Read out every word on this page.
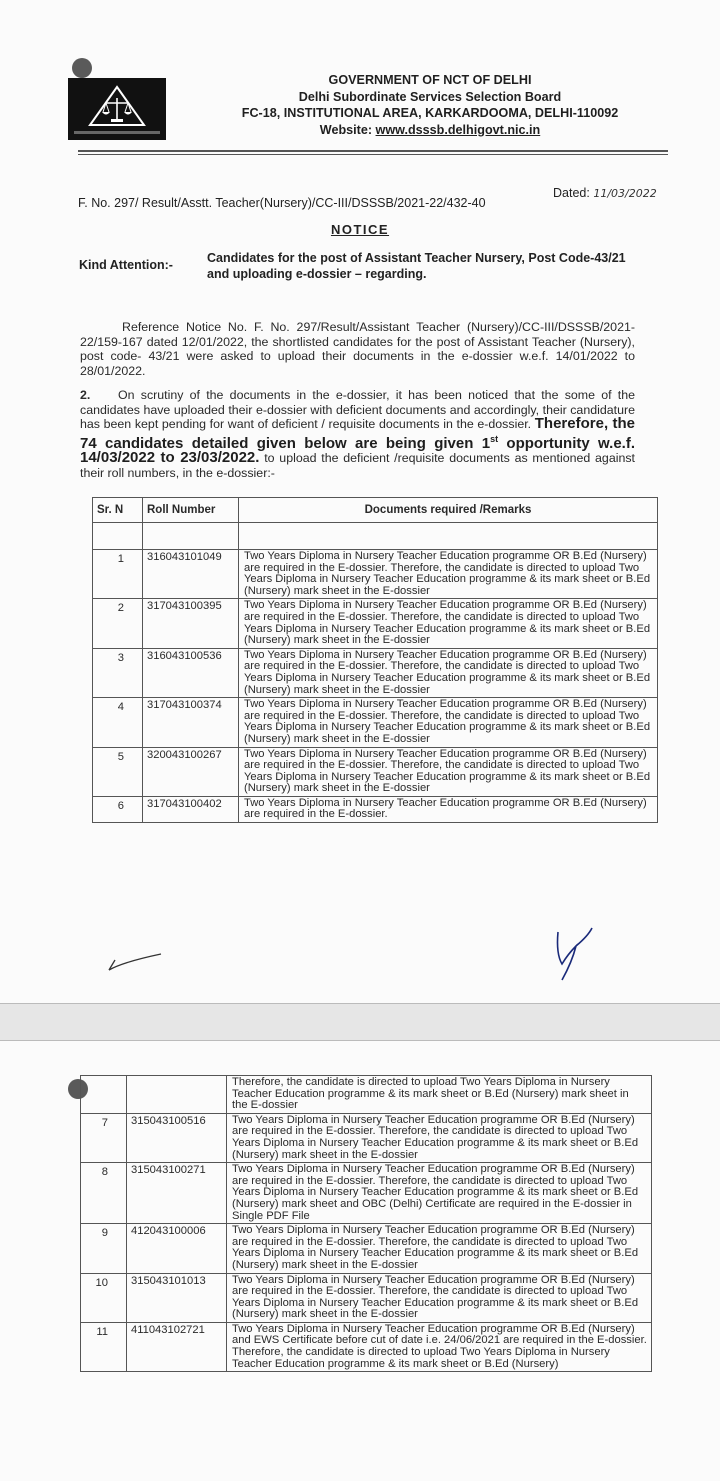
GOVERNMENT OF NCT OF DELHI
Delhi Subordinate Services Selection Board
FC-18, INSTITUTIONAL AREA, KARKARDOOMA, DELHI-110092
Website: www.dsssb.delhigovt.nic.in
F. No. 297/ Result/Asstt. Teacher(Nursery)/CC-III/DSSSB/2021-22/432-40
Dated: 11/03/2022
NOTICE
Kind Attention:-	Candidates for the post of Assistant Teacher Nursery, Post Code-43/21 and uploading e-dossier – regarding.
Reference Notice No. F. No. 297/Result/Assistant Teacher (Nursery)/CC-III/DSSSB/2021-22/159-167 dated 12/01/2022, the shortlisted candidates for the post of Assistant Teacher (Nursery), post code- 43/21 were asked to upload their documents in the e-dossier w.e.f. 14/01/2022 to 28/01/2022.
2. On scrutiny of the documents in the e-dossier, it has been noticed that the some of the candidates have uploaded their e-dossier with deficient documents and accordingly, their candidature has been kept pending for want of deficient / requisite documents in the e-dossier. Therefore, the 74 candidates detailed given below are being given 1st opportunity w.e.f. 14/03/2022 to 23/03/2022. to upload the deficient /requisite documents as mentioned against their roll numbers, in the e-dossier:-
Sr. N	Roll Number	Documents required /Remarks

1	316043101049	Two Years Diploma in Nursery Teacher Education programme OR B.Ed (Nursery) are required in the E-dossier. Therefore, the candidate is directed to upload Two Years Diploma in Nursery Teacher Education programme & its mark sheet or B.Ed (Nursery) mark sheet in the E-dossier
2	317043100395	Two Years Diploma in Nursery Teacher Education programme OR B.Ed (Nursery) are required in the E-dossier. Therefore, the candidate is directed to upload Two Years Diploma in Nursery Teacher Education programme & its mark sheet or B.Ed (Nursery) mark sheet in the E-dossier
3	316043100536	Two Years Diploma in Nursery Teacher Education programme OR B.Ed (Nursery) are required in the E-dossier. Therefore, the candidate is directed to upload Two Years Diploma in Nursery Teacher Education programme & its mark sheet or B.Ed (Nursery) mark sheet in the E-dossier
4	317043100374	Two Years Diploma in Nursery Teacher Education programme OR B.Ed (Nursery) are required in the E-dossier. Therefore, the candidate is directed to upload Two Years Diploma in Nursery Teacher Education programme & its mark sheet or B.Ed (Nursery) mark sheet in the E-dossier
5	320043100267	Two Years Diploma in Nursery Teacher Education programme OR B.Ed (Nursery) are required in the E-dossier. Therefore, the candidate is directed to upload Two Years Diploma in Nursery Teacher Education programme & its mark sheet or B.Ed (Nursery) mark sheet in the E-dossier
6	317043100402	Two Years Diploma in Nursery Teacher Education programme OR B.Ed (Nursery) are required in the E-dossier.
		Therefore, the candidate is directed to upload Two Years Diploma in Nursery Teacher Education programme & its mark sheet or B.Ed (Nursery) mark sheet in the E-dossier
7	315043100516	Two Years Diploma in Nursery Teacher Education programme OR B.Ed (Nursery) are required in the E-dossier. Therefore, the candidate is directed to upload Two Years Diploma in Nursery Teacher Education programme & its mark sheet or B.Ed (Nursery) mark sheet in the E-dossier
8	315043100271	Two Years Diploma in Nursery Teacher Education programme OR B.Ed (Nursery) are required in the E-dossier. Therefore, the candidate is directed to upload Two Years Diploma in Nursery Teacher Education programme & its mark sheet or B.Ed (Nursery) mark sheet and OBC (Delhi) Certificate are required in the E-dossier in Single PDF File
9	412043100006	Two Years Diploma in Nursery Teacher Education programme OR B.Ed (Nursery) are required in the E-dossier. Therefore, the candidate is directed to upload Two Years Diploma in Nursery Teacher Education programme & its mark sheet or B.Ed (Nursery) mark sheet in the E-dossier
10	315043101013	Two Years Diploma in Nursery Teacher Education programme OR B.Ed (Nursery) are required in the E-dossier. Therefore, the candidate is directed to upload Two Years Diploma in Nursery Teacher Education programme & its mark sheet or B.Ed (Nursery) mark sheet in the E-dossier
11	411043102721	Two Years Diploma in Nursery Teacher Education programme OR B.Ed (Nursery) and EWS Certificate before cut of date i.e. 24/06/2021 are required in the E-dossier. Therefore, the candidate is directed to upload Two Years Diploma in Nursery Teacher Education programme & its mark sheet or B.Ed (Nursery)
